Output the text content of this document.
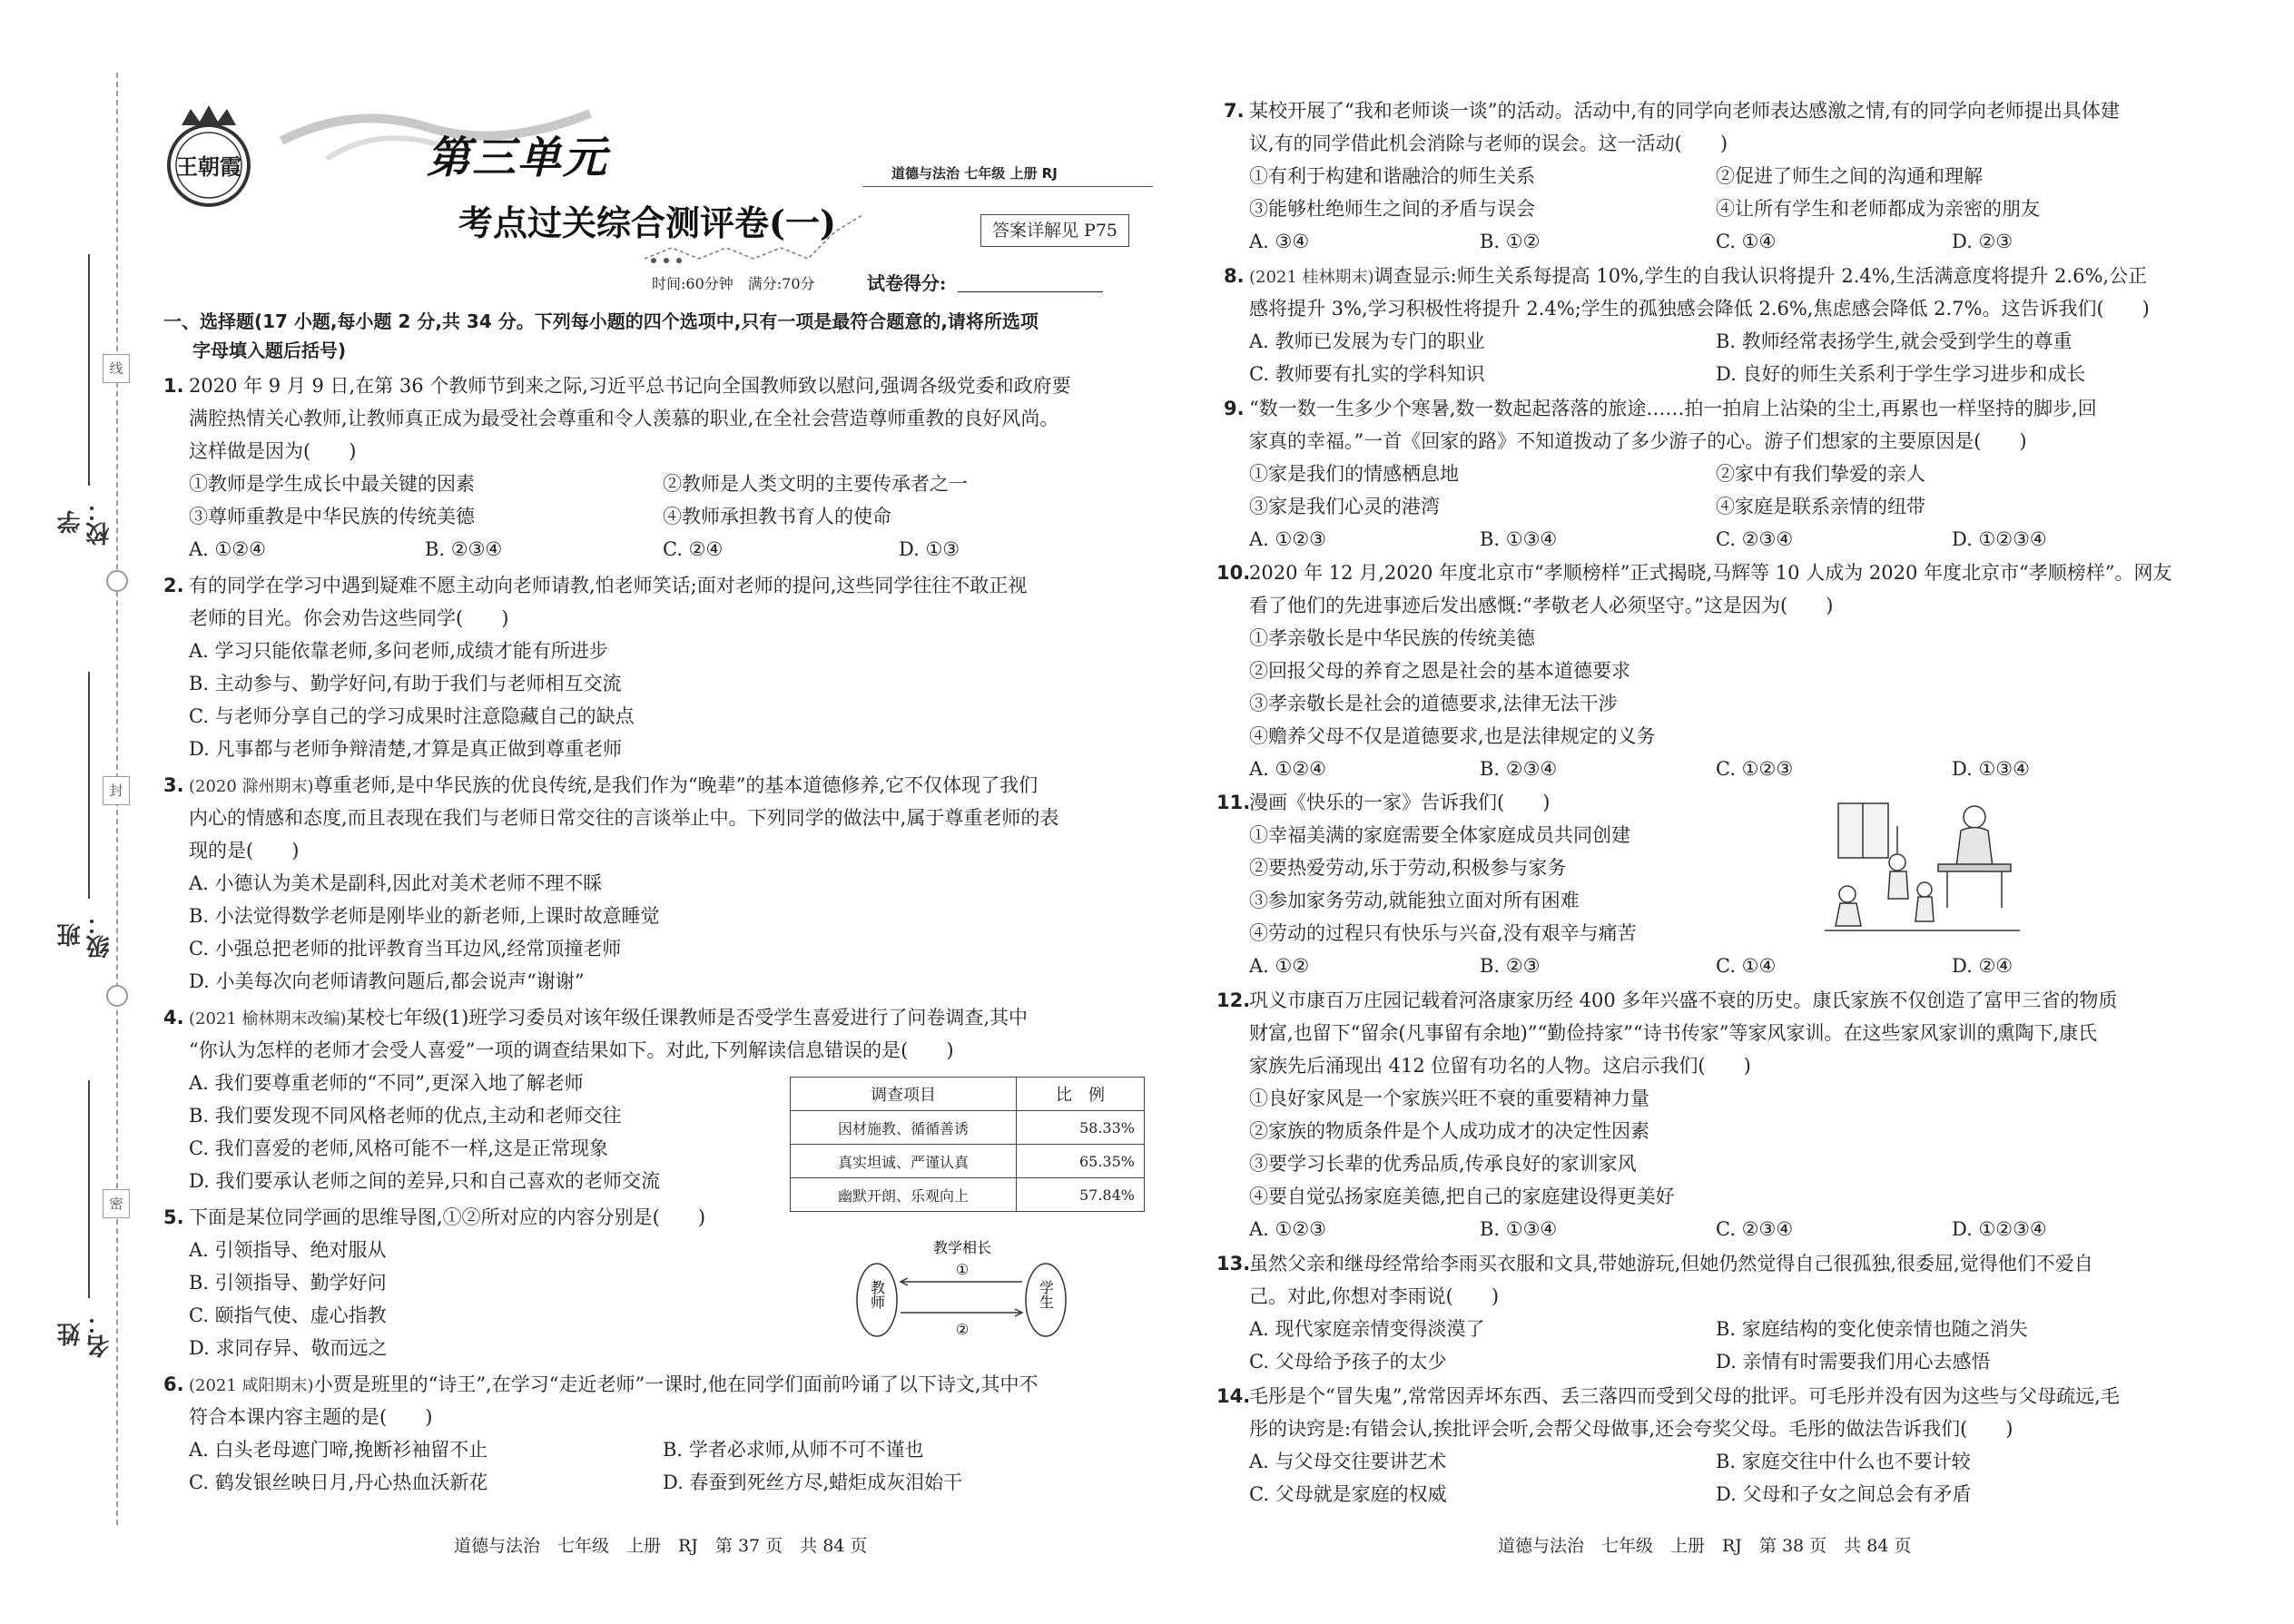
线
封
密
学校：
班级：
姓名：
王朝霞	第三单元	道德与法治 七年级 上册 RJ
考点过关综合测评卷(一)	答案详解见 P75
时间:60分钟　满分:70分	试卷得分:
一、选择题(17 小题,每小题 2 分,共 34 分。下列每小题的四个选项中,只有一项是最符合题意的,请将所选项
字母填入题后括号)
1. 2020 年 9 月 9 日,在第 36 个教师节到来之际,习近平总书记向全国教师致以慰问,强调各级党委和政府要
满腔热情关心教师,让教师真正成为最受社会尊重和令人羡慕的职业,在全社会营造尊师重教的良好风尚。
这样做是因为(　　)
①教师是学生成长中最关键的因素	②教师是人类文明的主要传承者之一
③尊师重教是中华民族的传统美德	④教师承担教书育人的使命
A. ①②④	B. ②③④	C. ②④	D. ①③
2. 有的同学在学习中遇到疑难不愿主动向老师请教,怕老师笑话;面对老师的提问,这些同学往往不敢正视
老师的目光。你会劝告这些同学(　　)
A. 学习只能依靠老师,多问老师,成绩才能有所进步
B. 主动参与、勤学好问,有助于我们与老师相互交流
C. 与老师分享自己的学习成果时注意隐藏自己的缺点
D. 凡事都与老师争辩清楚,才算是真正做到尊重老师
3. (2020 滁州期末)尊重老师,是中华民族的优良传统,是我们作为“晚辈”的基本道德修养,它不仅体现了我们
内心的情感和态度,而且表现在我们与老师日常交往的言谈举止中。下列同学的做法中,属于尊重老师的表
现的是(　　)
A. 小德认为美术是副科,因此对美术老师不理不睬
B. 小法觉得数学老师是刚毕业的新老师,上课时故意睡觉
C. 小强总把老师的批评教育当耳边风,经常顶撞老师
D. 小美每次向老师请教问题后,都会说声“谢谢”
4. (2021 榆林期末改编)某校七年级(1)班学习委员对该年级任课教师是否受学生喜爱进行了问卷调查,其中
“你认为怎样的老师才会受人喜爱”一项的调查结果如下。对此,下列解读信息错误的是(　　)
A. 我们要尊重老师的“不同”,更深入地了解老师
B. 我们要发现不同风格老师的优点,主动和老师交往
C. 我们喜爱的老师,风格可能不一样,这是正常现象
D. 我们要承认老师之间的差异,只和自己喜欢的老师交流
调查项目	比　例
因材施教、循循善诱	58.33%
真实坦诚、严谨认真	65.35%
幽默开朗、乐观向上	57.84%
5. 下面是某位同学画的思维导图,①②所对应的内容分别是(　　)
A. 引领指导、绝对服从
B. 引领指导、勤学好问
C. 颐指气使、虚心指教
D. 求同存异、敬而远之
教师	学生
教学相长
①
②
6. (2021 咸阳期末)小贾是班里的“诗王”,在学习“走近老师”一课时,他在同学们面前吟诵了以下诗文,其中不
符合本课内容主题的是(　　)
A. 白头老母遮门啼,挽断衫袖留不止	B. 学者必求师,从师不可不谨也
C. 鹤发银丝映日月,丹心热血沃新花	D. 春蚕到死丝方尽,蜡炬成灰泪始干
道德与法治　七年级　上册　RJ　第 37 页　共 84 页
7. 某校开展了“我和老师谈一谈”的活动。活动中,有的同学向老师表达感激之情,有的同学向老师提出具体建
议,有的同学借此机会消除与老师的误会。这一活动(　　)
①有利于构建和谐融洽的师生关系	②促进了师生之间的沟通和理解
③能够杜绝师生之间的矛盾与误会	④让所有学生和老师都成为亲密的朋友
A. ③④	B. ①②	C. ①④	D. ②③
8. (2021 桂林期末)调查显示:师生关系每提高 10%,学生的自我认识将提升 2.4%,生活满意度将提升 2.6%,公正
感将提升 3%,学习积极性将提升 2.4%;学生的孤独感会降低 2.6%,焦虑感会降低 2.7%。这告诉我们(　　)
A. 教师已发展为专门的职业	B. 教师经常表扬学生,就会受到学生的尊重
C. 教师要有扎实的学科知识	D. 良好的师生关系利于学生学习进步和成长
9. “数一数一生多少个寒暑,数一数起起落落的旅途……拍一拍肩上沾染的尘土,再累也一样坚持的脚步,回
家真的幸福。”一首《回家的路》不知道拨动了多少游子的心。游子们想家的主要原因是(　　)
①家是我们的情感栖息地	②家中有我们挚爱的亲人
③家是我们心灵的港湾	④家庭是联系亲情的纽带
A. ①②③	B. ①③④	C. ②③④	D. ①②③④
10.
2020 年 12 月,2020 年度北京市“孝顺榜样”正式揭晓,马辉等 10 人成为 2020 年度北京市“孝顺榜样”。网友
看了他们的先进事迹后发出感慨:“孝敬老人必须坚守。”这是因为(　　)
①孝亲敬长是中华民族的传统美德
②回报父母的养育之恩是社会的基本道德要求
③孝亲敬长是社会的道德要求,法律无法干涉
④赡养父母不仅是道德要求,也是法律规定的义务
A. ①②④	B. ②③④	C. ①②③	D. ①③④
11.
漫画《快乐的一家》告诉我们(　　)
①幸福美满的家庭需要全体家庭成员共同创建
②要热爱劳动,乐于劳动,积极参与家务
③参加家务劳动,就能独立面对所有困难
④劳动的过程只有快乐与兴奋,没有艰辛与痛苦
A. ①②	B. ②③	C. ①④	D. ②④
12.
巩义市康百万庄园记载着河洛康家历经 400 多年兴盛不衰的历史。康氏家族不仅创造了富甲三省的物质
财富,也留下“留余(凡事留有余地)”“勤俭持家”“诗书传家”等家风家训。在这些家风家训的熏陶下,康氏
家族先后涌现出 412 位留有功名的人物。这启示我们(　　)
①良好家风是一个家族兴旺不衰的重要精神力量
②家族的物质条件是个人成功成才的决定性因素
③要学习长辈的优秀品质,传承良好的家训家风
④要自觉弘扬家庭美德,把自己的家庭建设得更美好
A. ①②③	B. ①③④	C. ②③④	D. ①②③④
13.
虽然父亲和继母经常给李雨买衣服和文具,带她游玩,但她仍然觉得自己很孤独,很委屈,觉得他们不爱自
己。对此,你想对李雨说(　　)
A. 现代家庭亲情变得淡漠了	B. 家庭结构的变化使亲情也随之消失
C. 父母给予孩子的太少	D. 亲情有时需要我们用心去感悟
14.
毛彤是个“冒失鬼”,常常因弄坏东西、丢三落四而受到父母的批评。可毛彤并没有因为这些与父母疏远,毛
彤的诀窍是:有错会认,挨批评会听,会帮父母做事,还会夸奖父母。毛彤的做法告诉我们(　　)
A. 与父母交往要讲艺术	B. 家庭交往中什么也不要计较
C. 父母就是家庭的权威	D. 父母和子女之间总会有矛盾
道德与法治　七年级　上册　RJ　第 38 页　共 84 页
